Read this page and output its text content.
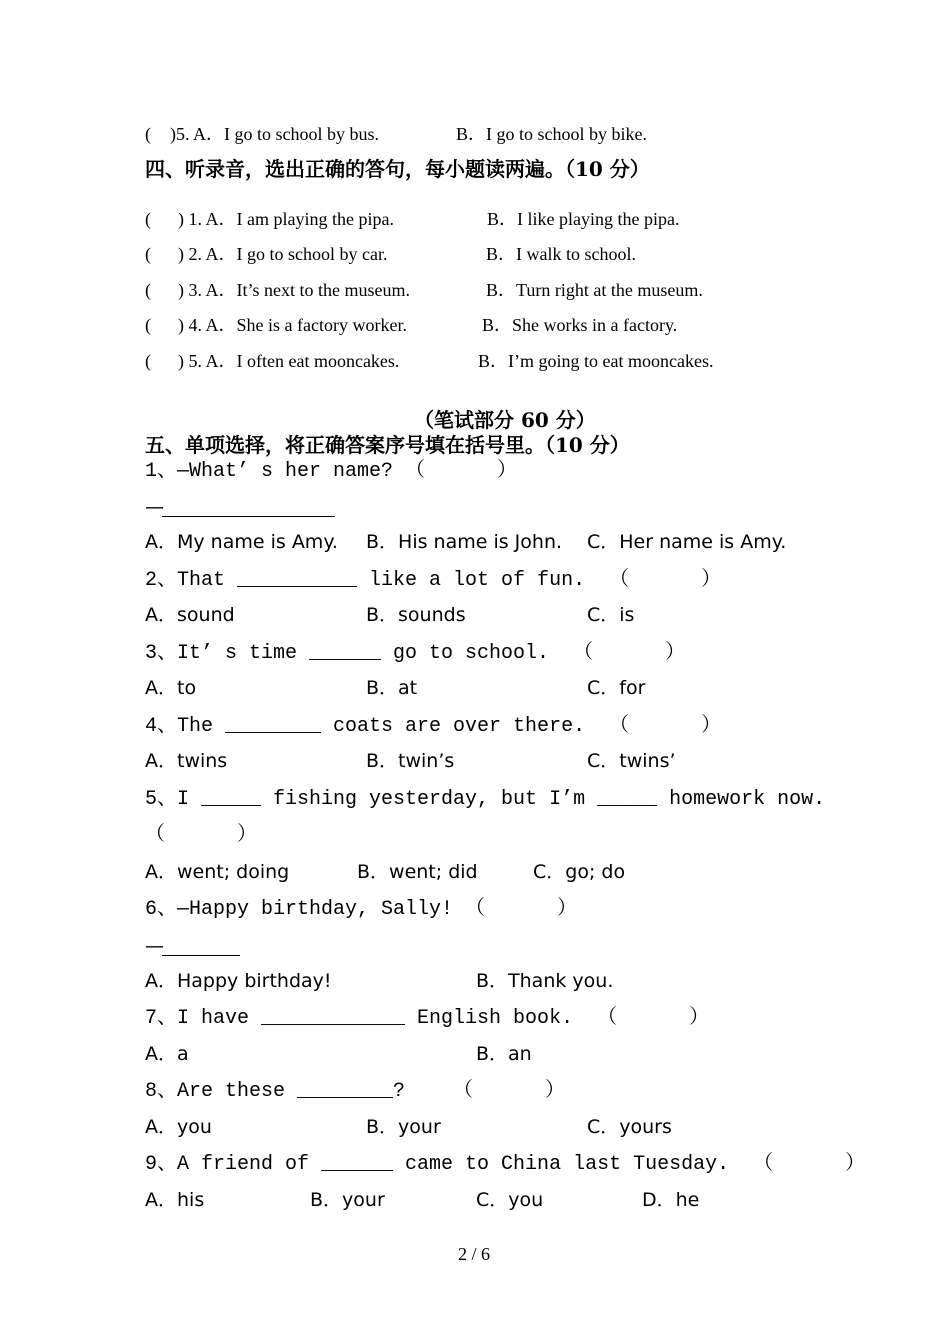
( )5. A．I go to school by bus.	B．I go to school by bike.
四、听录音，选出正确的答句，每小题读两遍。（10 分）
( ) 1. A．I am playing the pipa.	B．I like playing the pipa.
( ) 2. A．I go to school by car.	B．I walk to school.
( ) 3. A．It’s next to the museum.	B．Turn right at the museum.
( ) 4. A．She is a factory worker.	B．She works in a factory.
( ) 5. A．I often eat mooncakes.	B．I’m going to eat mooncakes.
（笔试部分 60 分）
五、单项选择，将正确答案序号填在括号里。（10 分）
1、—What’ s her name? （      ）
—
A．My name is Amy. B．His name is John. C．Her name is Amy.
2、That __________ like a lot of fun.  （      ）
A．sound	B．sounds	C．is
3、It’ s time ______ go to school.  （      ）
A．to	B．at	C．for
4、The ________ coats are over there.  （      ）
A．twins	B．twin’s	C．twins’
5、I _____ fishing yesterday, but I’m _____ homework now.
（      ）
A．went; doing	B．went; did	C．go; do
6、—Happy birthday, Sally! （      ）
—
A．Happy birthday!	B．Thank you.
7、I have ____________ English book.  （      ）
A．a	B．an
8、Are these ________?    （      ）
A．you	B．your	C．yours
9、A friend of ______ came to China last Tuesday.  （      ）
A．his	B．your	C．you	D．he
2 / 6
